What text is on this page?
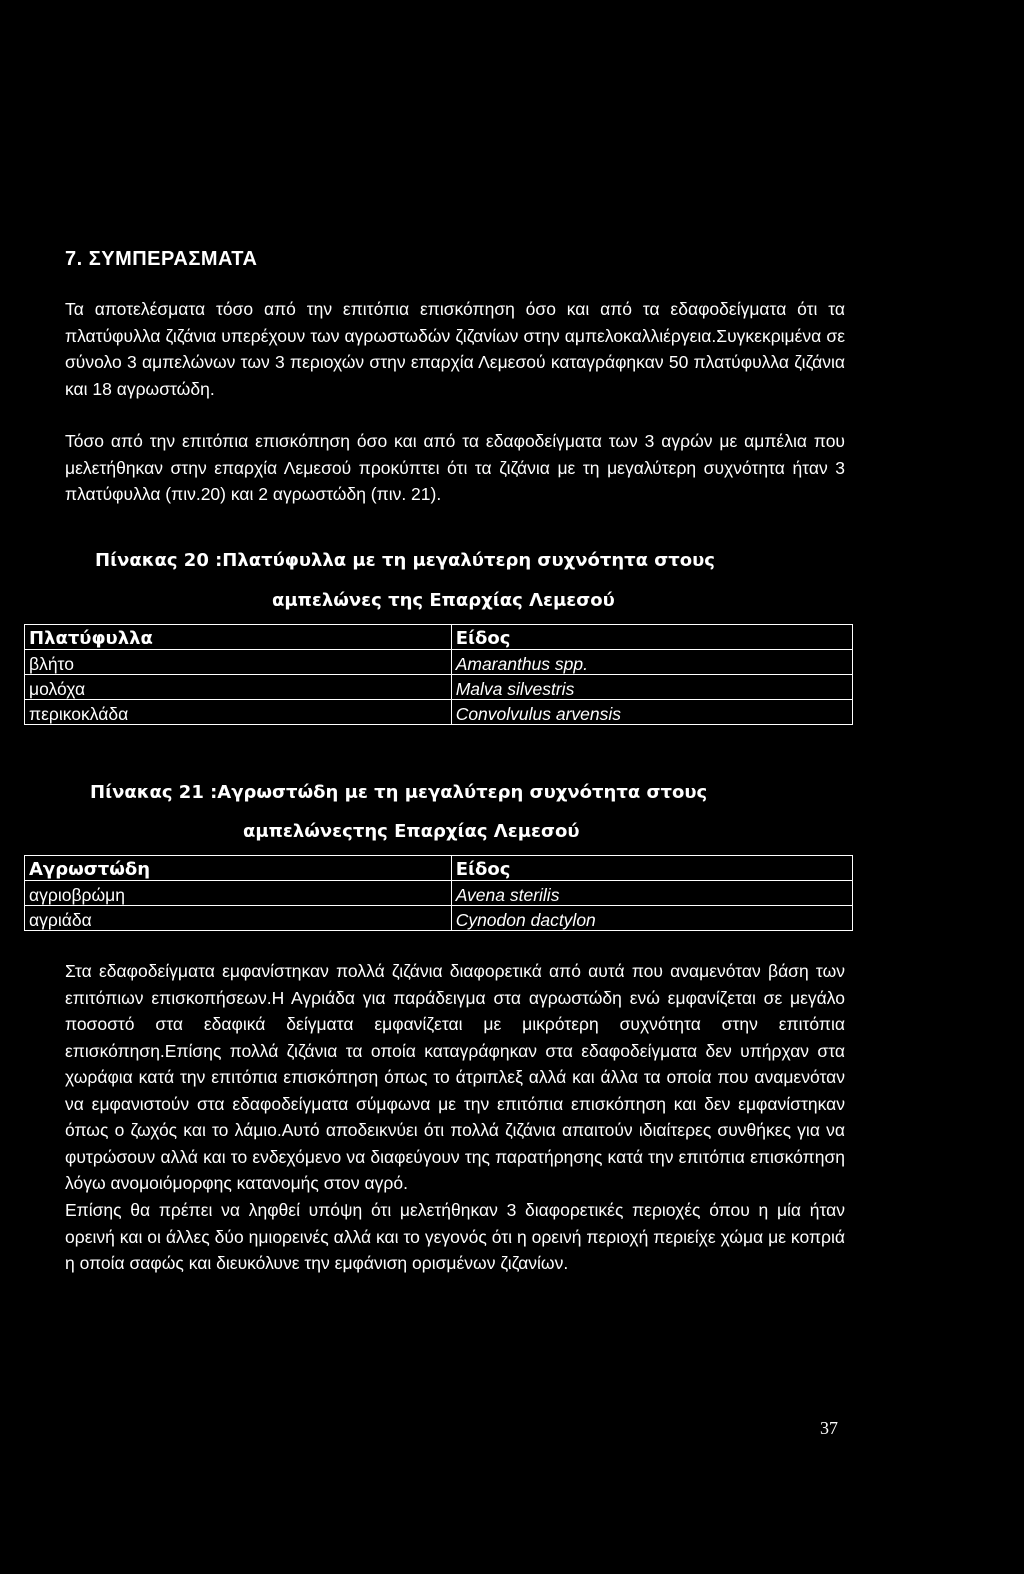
7. ΣΥΜΠΕΡΑΣΜΑΤΑ

Τα αποτελέσματα τόσο από την επιτόπια επισκόπηση όσο και από τα εδαφοδείγματα ότι τα πλατύφυλλα ζιζάνια υπερέχουν των αγρωστωδών ζιζανίων στην αμπελοκαλλιέργεια.Συγκεκριμένα σε σύνολο 3 αμπελώνων των 3 περιοχών στην επαρχία Λεμεσού καταγράφηκαν 50 πλατύφυλλα ζιζάνια και 18 αγρωστώδη.

Τόσο από την επιτόπια επισκόπηση όσο και από τα εδαφοδείγματα των 3 αγρών με αμπέλια που μελετήθηκαν στην επαρχία Λεμεσού προκύπτει ότι τα ζιζάνια με τη μεγαλύτερη συχνότητα ήταν 3 πλατύφυλλα (πιν.20) και 2 αγρωστώδη (πιν. 21).

Πίνακας 20 :Πλατύφυλλα με τη μεγαλύτερη συχνότητα στους

αμπελώνες της Επαρχίας Λεμεσού

Πλατύφυλλα	Είδος
βλήτο	Amaranthus spp.
μολόχα	Malva silvestris
περικοκλάδα	Convolvulus arvensis

Πίνακας 21 :Αγρωστώδη με τη μεγαλύτερη συχνότητα στους

αμπελώνεςτης Επαρχίας Λεμεσού

Αγρωστώδη	Είδος
αγριοβρώμη	Avena sterilis
αγριάδα	Cynodon dactylon

Στα εδαφοδείγματα εμφανίστηκαν πολλά ζιζάνια διαφορετικά από αυτά που αναμενόταν βάση των επιτόπιων επισκοπήσεων.Η Αγριάδα για παράδειγμα στα αγρωστώδη ενώ εμφανίζεται σε μεγάλο ποσοστό στα εδαφικά δείγματα εμφανίζεται με μικρότερη συχνότητα στην επιτόπια επισκόπηση.Επίσης πολλά ζιζάνια τα οποία καταγράφηκαν στα εδαφοδείγματα δεν υπήρχαν στα χωράφια κατά την επιτόπια επισκόπηση όπως το άτριπλεξ αλλά και άλλα τα οποία που αναμενόταν να εμφανιστούν στα εδαφοδείγματα σύμφωνα με την επιτόπια επισκόπηση και δεν εμφανίστηκαν όπως ο ζωχός και το λάμιο.Αυτό αποδεικνύει ότι πολλά ζιζάνια απαιτούν ιδιαίτερες συνθήκες για να φυτρώσουν αλλά και το ενδεχόμενο να διαφεύγουν της παρατήρησης κατά την επιτόπια επισκόπηση λόγω ανομοιόμορφης κατανομής στον αγρό.

Επίσης θα πρέπει να ληφθεί υπόψη ότι μελετήθηκαν 3 διαφορετικές περιοχές όπου η μία ήταν ορεινή και οι άλλες δύο ημιορεινές αλλά και το γεγονός ότι η ορεινή περιοχή περιείχε χώμα με κοπριά η οποία σαφώς και διευκόλυνε την εμφάνιση ορισμένων ζιζανίων.

37
